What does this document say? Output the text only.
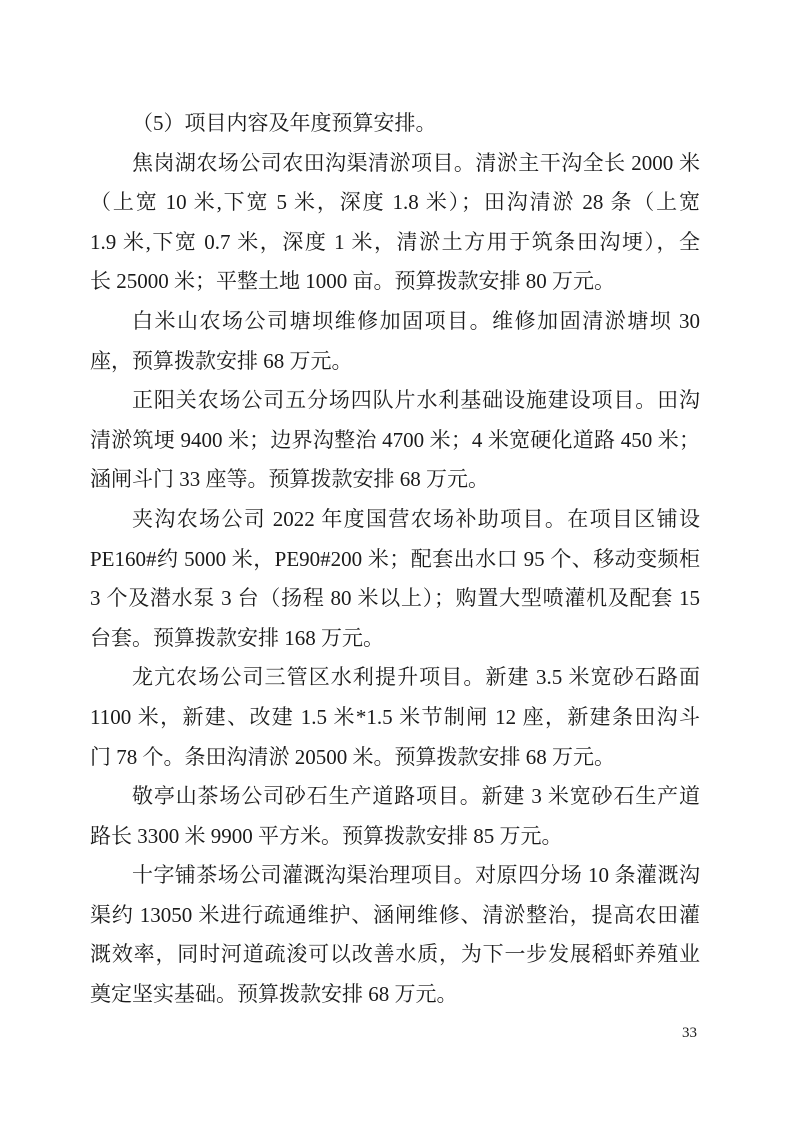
（5）项目内容及年度预算安排。
焦岗湖农场公司农田沟渠清淤项目。清淤主干沟全长 2000 米
（上宽 10 米,下宽 5 米，深度 1.8 米）；田沟清淤 28 条（上宽
1.9 米,下宽 0.7 米，深度 1 米，清淤土方用于筑条田沟埂），全
长 25000 米；平整土地 1000 亩。预算拨款安排 80 万元。
白米山农场公司塘坝维修加固项目。维修加固清淤塘坝 30
座，预算拨款安排 68 万元。
正阳关农场公司五分场四队片水利基础设施建设项目。田沟
清淤筑埂 9400 米；边界沟整治 4700 米；4 米宽硬化道路 450 米；
涵闸斗门 33 座等。预算拨款安排 68 万元。
夹沟农场公司 2022 年度国营农场补助项目。在项目区铺设
PE160#约 5000 米，PE90#200 米；配套出水口 95 个、移动变频柜
3 个及潜水泵 3 台（扬程 80 米以上）；购置大型喷灌机及配套 15
台套。预算拨款安排 168 万元。
龙亢农场公司三管区水利提升项目。新建 3.5 米宽砂石路面
1100 米，新建、改建 1.5 米*1.5 米节制闸 12 座，新建条田沟斗
门 78 个。条田沟清淤 20500 米。预算拨款安排 68 万元。
敬亭山茶场公司砂石生产道路项目。新建 3 米宽砂石生产道
路长 3300 米 9900 平方米。预算拨款安排 85 万元。
十字铺茶场公司灌溉沟渠治理项目。对原四分场 10 条灌溉沟
渠约 13050 米进行疏通维护、涵闸维修、清淤整治，提高农田灌
溉效率，同时河道疏浚可以改善水质，为下一步发展稻虾养殖业
奠定坚实基础。预算拨款安排 68 万元。
33
